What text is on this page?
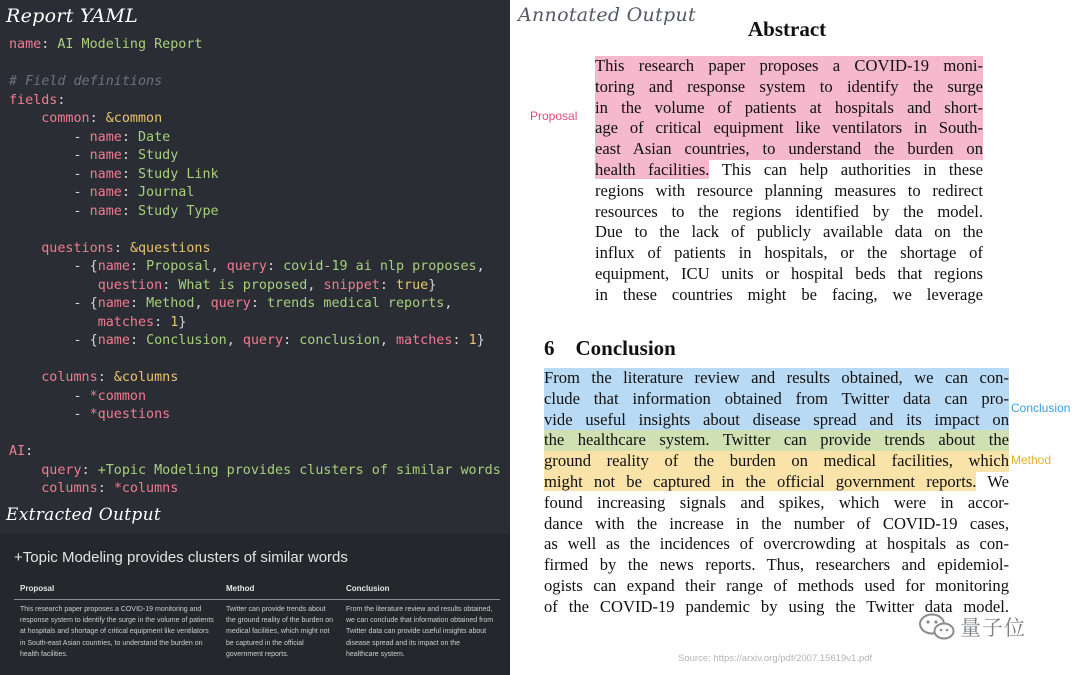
Report YAML
name: AI Modeling Report

# Field definitions
fields:
common: &common
- name: Date
- name: Study
- name: Study Link
- name: Journal
- name: Study Type

questions: &questions
- {name: Proposal, query: covid-19 ai nlp proposes,
question: What is proposed, snippet: true}
- {name: Method, query: trends medical reports,
matches: 1}
- {name: Conclusion, query: conclusion, matches: 1}

columns: &columns
- *common
- *questions

AI:
query: +Topic Modeling provides clusters of similar words
columns: *columns
Extracted Output
+Topic Modeling provides clusters of similar words
Proposal	Method	Conclusion
This research paper proposes a COVID-19 monitoring and response system to identify the surge in the volume of patients at hospitals and shortage of critical equipment like ventilators in South-east Asian countries, to understand the burden on health facilities.
Twitter can provide trends about the ground reality of the burden on medical facilities, which might not be captured in the official government reports.
From the literature review and results obtained, we can conclude that information obtained from Twitter data can provide useful insights about disease spread and its impact on the healthcare system.
Annotated Output
Abstract
This research paper proposes a COVID-19 moni-
toring and response system to identify the surge
in the volume of patients at hospitals and short-
age of critical equipment like ventilators in South-
east Asian countries, to understand the burden on
health facilities. This can help authorities in these
regions with resource planning measures to redirect
resources to the regions identified by the model.
Due to the lack of publicly available data on the
influx of patients in hospitals, or the shortage of
equipment, ICU units or hospital beds that regions
in these countries might be facing, we leverage
Proposal
6    Conclusion
From the literature review and results obtained, we can con-
clude that information obtained from Twitter data can pro-
vide useful insights about disease spread and its impact on
the healthcare system. Twitter can provide trends about the
ground reality of the burden on medical facilities, which
might not be captured in the official government reports. We
found increasing signals and spikes, which were in accor-
dance with the increase in the number of COVID-19 cases,
as well as the incidences of overcrowding at hospitals as con-
firmed by the news reports. Thus, researchers and epidemiol-
ogists can expand their range of methods used for monitoring
of the COVID-19 pandemic by using the Twitter data model.
Conclusion
Method
量子位
Source: https://arxiv.org/pdf/2007.15619v1.pdf
